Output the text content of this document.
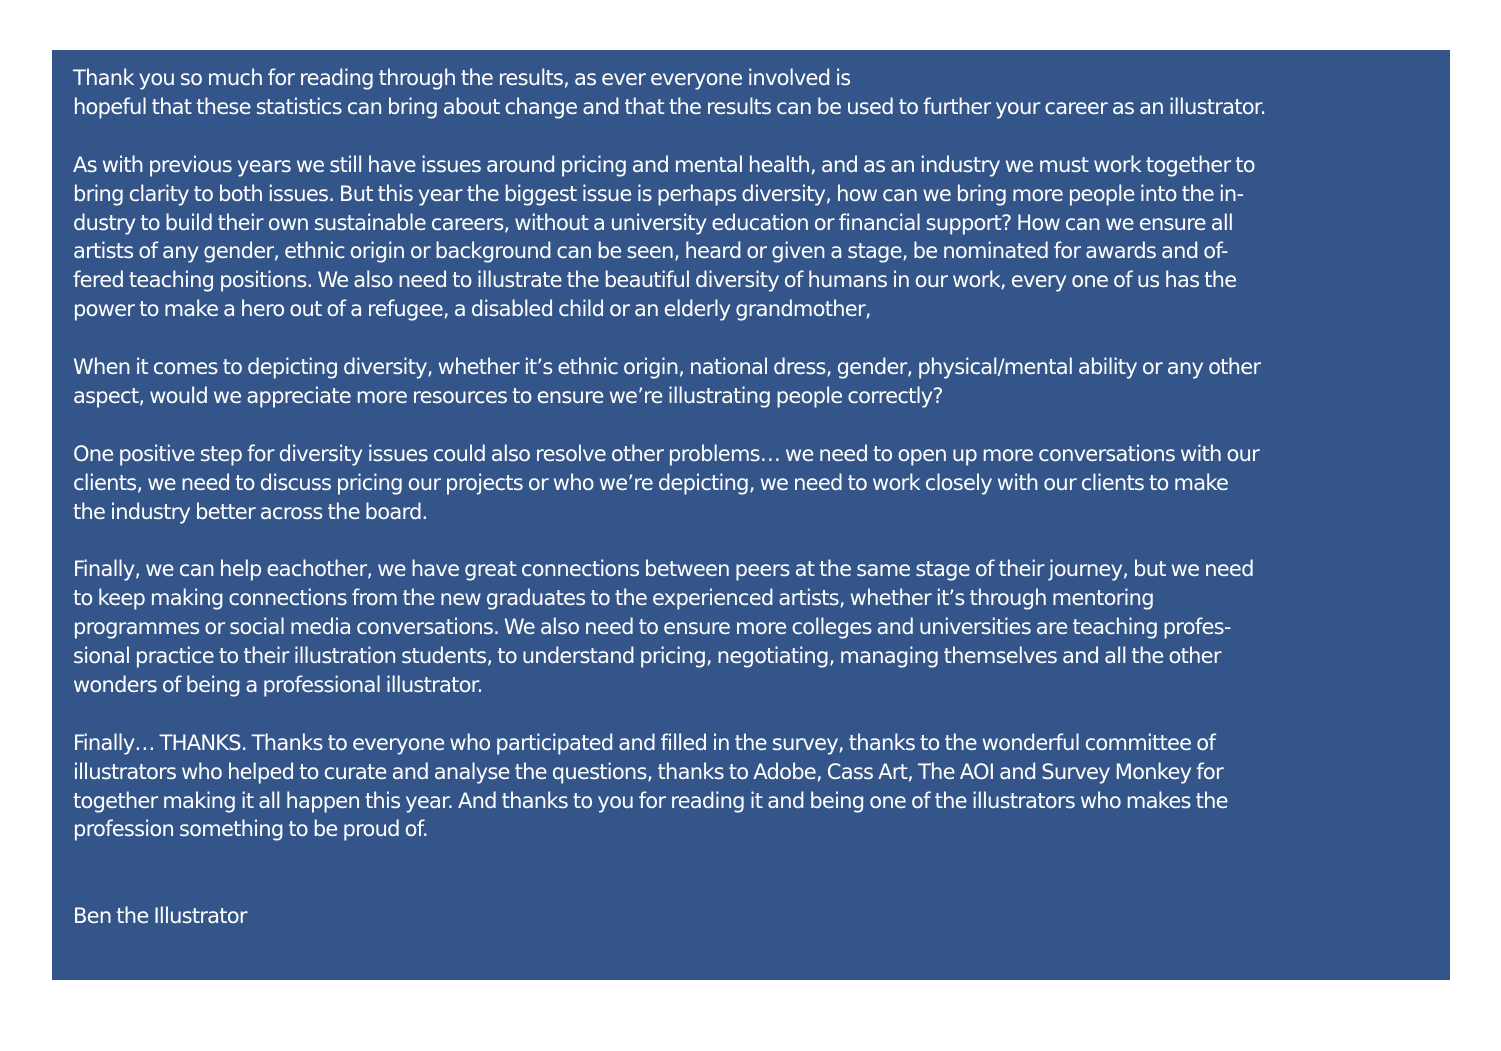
Thank you so much for reading through the results, as ever everyone involved is
hopeful that these statistics can bring about change and that the results can be used to further your career as an illustrator.
As with previous years we still have issues around pricing and mental health, and as an industry we must work together to
bring clarity to both issues. But this year the biggest issue is perhaps diversity, how can we bring more people into the in-
dustry to build their own sustainable careers, without a university education or financial support? How can we ensure all
artists of any gender, ethnic origin or background can be seen, heard or given a stage, be nominated for awards and of-
fered teaching positions. We also need to illustrate the beautiful diversity of humans in our work, every one of us has the
power to make a hero out of a refugee, a disabled child or an elderly grandmother,
When it comes to depicting diversity, whether it’s ethnic origin, national dress, gender, physical/mental ability or any other
aspect, would we appreciate more resources to ensure we’re illustrating people correctly?
One positive step for diversity issues could also resolve other problems… we need to open up more conversations with our
clients, we need to discuss pricing our projects or who we’re depicting, we need to work closely with our clients to make
the industry better across the board.
Finally, we can help eachother, we have great connections between peers at the same stage of their journey, but we need
to keep making connections from the new graduates to the experienced artists, whether it’s through mentoring
programmes or social media conversations. We also need to ensure more colleges and universities are teaching profes-
sional practice to their illustration students, to understand pricing, negotiating, managing themselves and all the other
wonders of being a professional illustrator.
Finally… THANKS. Thanks to everyone who participated and filled in the survey, thanks to the wonderful committee of
illustrators who helped to curate and analyse the questions, thanks to Adobe, Cass Art, The AOI and Survey Monkey for
together making it all happen this year. And thanks to you for reading it and being one of the illustrators who makes the
profession something to be proud of.
Ben the Illustrator
